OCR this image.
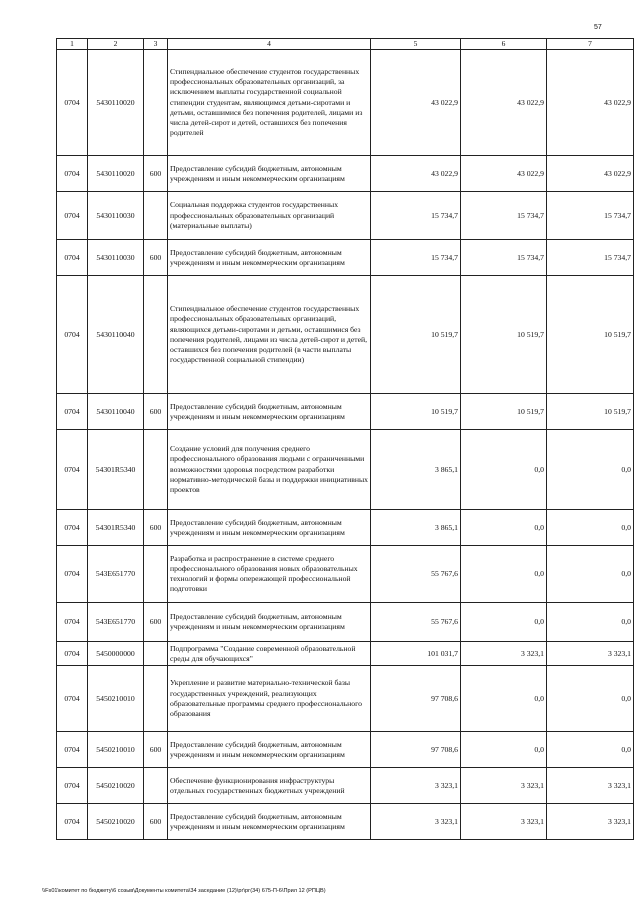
57
1	2	3	4	5	6	7
0704	5430110020		Стипендиальное обеспечение студентов государственных профессиональных образовательных организаций, за исключением выплаты государственной социальной стипендии студентам, являющимся детьми-сиротами и детьми, оставшимися без попечения родителей, лицами из числа детей-сирот и детей, оставшихся без попечения родителей	43 022,9	43 022,9	43 022,9
0704	5430110020	600	Предоставление субсидий бюджетным, автономным учреждениям и иным некоммерческим организациям	43 022,9	43 022,9	43 022,9
0704	5430110030		Социальная поддержка студентов государственных профессиональных образовательных организаций (материальные выплаты)	15 734,7	15 734,7	15 734,7
0704	5430110030	600	Предоставление субсидий бюджетным, автономным учреждениям и иным некоммерческим организациям	15 734,7	15 734,7	15 734,7
0704	5430110040		Стипендиальное обеспечение студентов государственных профессиональных образовательных организаций, являющихся детьми-сиротами и детьми, оставшимися без попечения родителей, лицами из числа детей-сирот и детей, оставшихся без попечения родителей (в части выплаты государственной социальной стипендии)	10 519,7	10 519,7	10 519,7
0704	5430110040	600	Предоставление субсидий бюджетным, автономным учреждениям и иным некоммерческим организациям	10 519,7	10 519,7	10 519,7
0704	54301R5340		Создание условий для получения среднего профессионального образования людьми с ограниченными возможностями здоровья посредством разработки нормативно-методической базы и поддержки инициативных проектов	3 865,1	0,0	0,0
0704	54301R5340	600	Предоставление субсидий бюджетным, автономным учреждениям и иным некоммерческим организациям	3 865,1	0,0	0,0
0704	543E651770		Разработка и распространение в системе среднего профессионального образования новых образовательных технологий и формы опережающей профессиональной подготовки	55 767,6	0,0	0,0
0704	543E651770	600	Предоставление субсидий бюджетным, автономным учреждениям и иным некоммерческим организациям	55 767,6	0,0	0,0
0704	5450000000		Подпрограмма "Создание современной образовательной среды для обучающихся"	101 031,7	3 323,1	3 323,1
0704	5450210010		Укрепление и развитие материально-технической базы государственных учреждений, реализующих образовательные программы среднего профессионального образования	97 708,6	0,0	0,0
0704	5450210010	600	Предоставление субсидий бюджетным, автономным учреждениям и иным некоммерческим организациям	97 708,6	0,0	0,0
0704	5450210020		Обеспечение функционирования инфраструктуры отдельных государственных бюджетных учреждений	3 323,1	3 323,1	3 323,1
0704	5450210020	600	Предоставление субсидий бюджетным, автономным учреждениям и иным некоммерческим организациям	3 323,1	3 323,1	3 323,1
\\Fs01\комитет по бюджету\6 созыв\Документы комитета\34 заседание (12)\рг\рг(34) 675-П-6\Прил 12 (РПЦВ)
